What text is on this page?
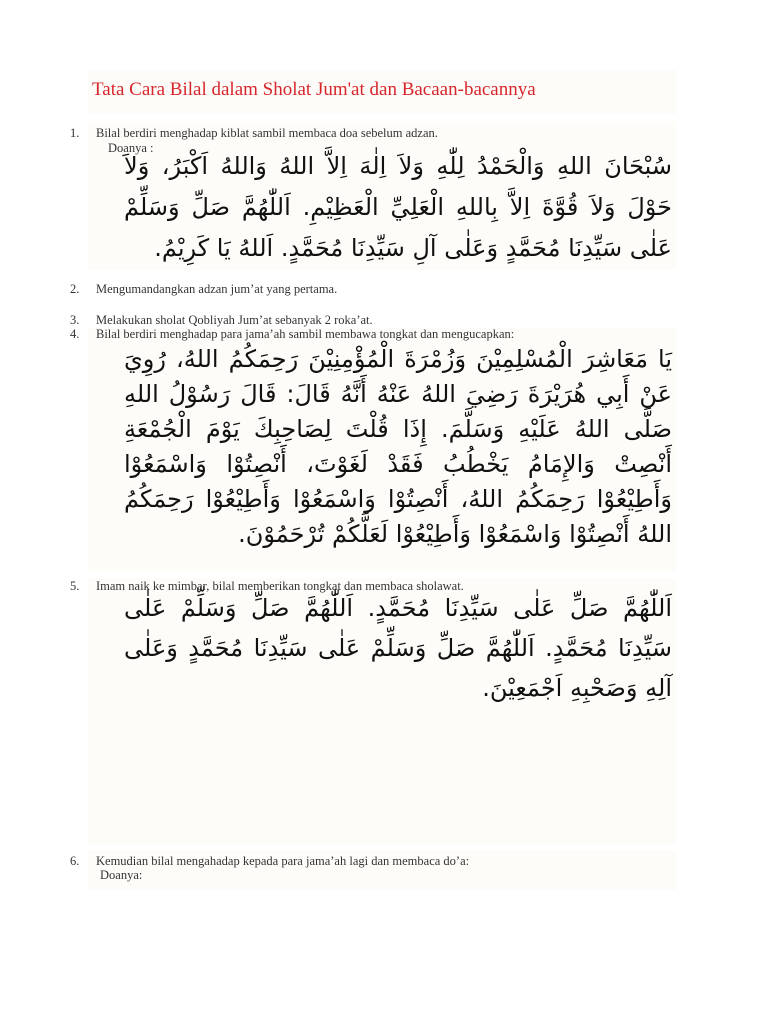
Tata Cara Bilal dalam Sholat Jum'at dan Bacaan-bacannya
1. Bilal berdiri menghadap kiblat sambil membaca doa sebelum adzan.
Doanya :
سُبْحَانَ اللهِ وَالْحَمْدُ لِلّٰهِ وَلاَ اِلٰهَ اِلاَّ اللهُ وَاللهُ اَكْبَرُ، وَلاَ حَوْلَ وَلاَ قُوَّةَ اِلاَّ بِاللهِ الْعَلِيِّ الْعَظِيْمِ. اَللّٰهُمَّ صَلِّ وَسَلِّمْ عَلٰى سَيِّدِنَا مُحَمَّدٍ وَعَلٰى آلِ سَيِّدِنَا مُحَمَّدٍ. اَللهُ يَا كَرِيْمُ.
2. Mengumandangkan adzan jum’at yang pertama.
3. Melakukan sholat Qobliyah Jum’at sebanyak 2 roka’at.
4. Bilal berdiri menghadap para jama’ah sambil membawa tongkat dan mengucapkan:
يَا مَعَاشِرَ الْمُسْلِمِيْنَ وَزُمْرَةَ الْمُؤْمِنِيْنَ رَحِمَكُمُ اللهُ، رُوِيَ عَنْ أَبِي هُرَيْرَةَ رَضِيَ اللهُ عَنْهُ أَنَّهُ قَالَ: قَالَ رَسُوْلُ اللهِ صَلَّى اللهُ عَلَيْهِ وَسَلَّمَ. إِذَا قُلْتَ لِصَاحِبِكَ يَوْمَ الْجُمْعَةِ أَنْصِتْ وَالإِمَامُ يَخْطُبُ فَقَدْ لَغَوْتَ، أَنْصِتُوْا وَاسْمَعُوْا وَأَطِيْعُوْا رَحِمَكُمُ اللهُ، أَنْصِتُوْا وَاسْمَعُوْا وَأَطِيْعُوْا رَحِمَكُمُ اللهُ أَنْصِتُوْا وَاسْمَعُوْا وَأَطِيْعُوْا لَعَلَّكُمْ تُرْحَمُوْنَ.
5. Imam naik ke mimbar, bilal memberikan tongkat dan membaca sholawat.
اَللّٰهُمَّ صَلِّ عَلٰى سَيِّدِنَا مُحَمَّدٍ. اَللّٰهُمَّ صَلِّ وَسَلِّمْ عَلٰى سَيِّدِنَا مُحَمَّدٍ. اَللّٰهُمَّ صَلِّ وَسَلِّمْ عَلٰى سَيِّدِنَا مُحَمَّدٍ وَعَلٰى آلِهِ وَصَحْبِهِ اَجْمَعِيْنَ.
6. Kemudian bilal mengahadap kepada para jama’ah lagi dan membaca do’a:
Doanya:
